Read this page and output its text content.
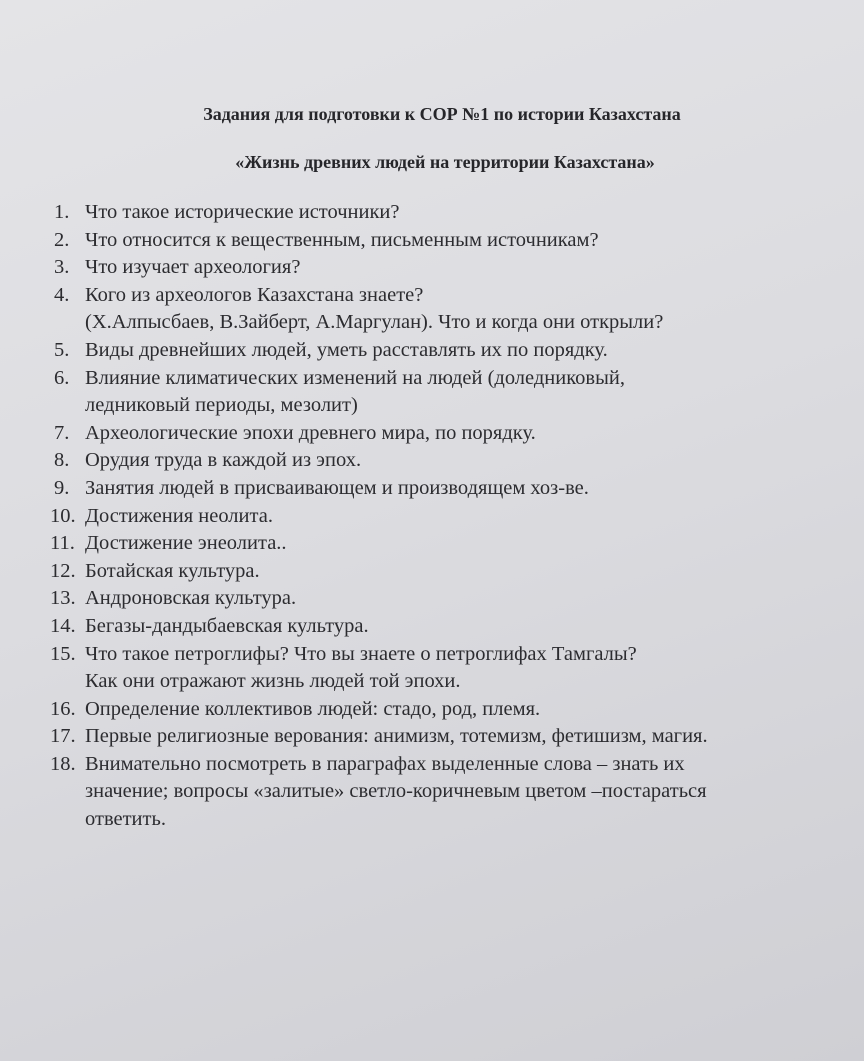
Задания для подготовки к СОР №1 по истории Казахстана
«Жизнь древних людей на территории Казахстана»
1. Что такое исторические источники?
2. Что относится к вещественным, письменным источникам?
3. Что изучает археология?
4. Кого из археологов Казахстана знаете?
(Х.Алпысбаев, В.Зайберт, А.Маргулан). Что и когда они открыли?
5. Виды древнейших людей, уметь расставлять их по порядку.
6. Влияние климатических изменений на людей (доледниковый,
ледниковый периоды, мезолит)
7. Археологические эпохи древнего мира, по порядку.
8. Орудия труда в каждой из эпох.
9. Занятия людей в присваивающем и производящем хоз-ве.
10. Достижения неолита.
11. Достижение энеолита..
12. Ботайская культура.
13. Андроновская культура.
14. Бегазы-дандыбаевская культура.
15. Что такое петроглифы? Что вы знаете о петроглифах Тамгалы?
Как они отражают жизнь людей той эпохи.
16. Определение коллективов людей: стадо, род, племя.
17. Первые религиозные верования: анимизм, тотемизм, фетишизм, магия.
18. Внимательно посмотреть в параграфах выделенные слова – знать их
значение; вопросы «залитые» светло-коричневым цветом –постараться
ответить.
